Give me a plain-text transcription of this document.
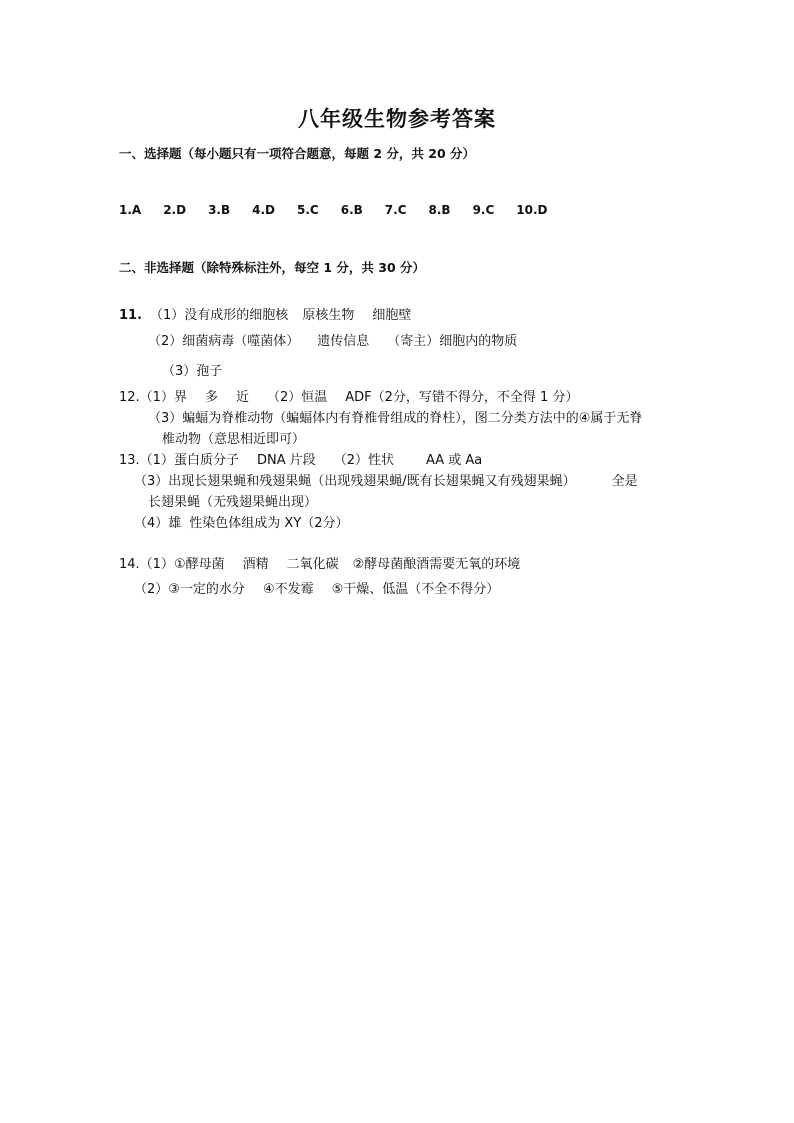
八年级生物参考答案
一、选择题（每小题只有一项符合题意，每题 2 分，共 20 分）
1.A 2.D 3.B 4.D 5.C 6.B 7.C 8.B 9.C 10.D
二、非选择题（除特殊标注外，每空 1 分，共 30 分）
11. （1）没有成形的细胞核 原核生物 细胞壁
（2）细菌病毒（噬菌体） 遗传信息 （寄主）细胞内的物质
（3）孢子
12.（1）界 多 近 （2）恒温 ADF（2分，写错不得分，不全得 1 分）
（3）蝙蝠为脊椎动物（蝙蝠体内有脊椎骨组成的脊柱），图二分类方法中的④属于无脊
椎动物（意思相近即可）
13.（1）蛋白质分子 DNA 片段 （2）性状 AA 或 Aa
（3）出现长翅果蝇和残翅果蝇（出现残翅果蝇/既有长翅果蝇又有残翅果蝇）	全是
长翅果蝇（无残翅果蝇出现）
（4）雄 性染色体组成为 XY（2分）
14.（1）①酵母菌 酒精 二氧化碳 ②酵母菌酿酒需要无氧的环境
（2）③一定的水分 ④不发霉 ⑤干燥、低温（不全不得分）
